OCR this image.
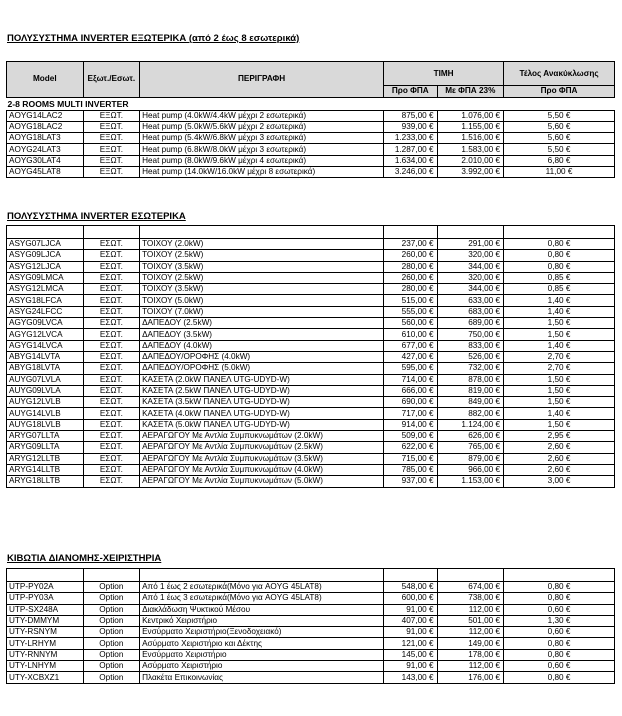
ΠΟΛΥΣΥΣΤΗΜΑ INVERTER ΕΞΩΤΕΡΙΚΑ (από 2 έως 8 εσωτερικά)
Model	Εξωτ./Εσωτ.	ΠΕΡΙΓΡΑΦΗ	ΤΙΜΗ		Τέλος Ανακύκλωσης
			Προ ΦΠΑ	Με ΦΠΑ 23%	Προ ΦΠΑ
2-8 ROOMS MULTI INVERTER					
AOYG14LAC2	ΕΞΩΤ.	Heat pump (4.0kW/4.4kW μέχρι 2 εσωτερικά)	875,00 €	1.076,00 €	5,50 €
AOYG18LAC2	ΕΞΩΤ.	Heat pump (5.0kW/5.6kW μέχρι 2 εσωτερικά)	939,00 €	1.155,00 €	5,60 €
AOYG18LAT3	ΕΞΩΤ.	Heat pump (5.4kW/6.8kW μέχρι 3 εσωτερικά)	1.233,00 €	1.516,00 €	5,60 €
AOYG24LAT3	ΕΞΩΤ.	Heat pump (6.8kW/8.0kW μέχρι 3 εσωτερικά)	1.287,00 €	1.583,00 €	5,50 €
AOYG30LAT4	ΕΞΩΤ.	Heat pump (8.0kW/9.6kW μέχρι 4 εσωτερικά)	1.634,00 €	2.010,00 €	6,80 €
AOYG45LAT8	ΕΞΩΤ.	Heat pump (14.0kW/16.0kW μέχρι 8 εσωτερικά)	3.246,00 €	3.992,00 €	11,00 €
ΠΟΛΥΣΥΣΤΗΜΑ INVERTER ΕΣΩΤΕΡΙΚΑ

ASYG07LJCA	ΕΣΩΤ.	ΤΟΙΧΟΥ (2.0kW)	237,00 €	291,00 €	0,80 €
ASYG09LJCA	ΕΣΩΤ.	ΤΟΙΧΟΥ (2.5kW)	260,00 €	320,00 €	0,80 €
ASYG12LJCA	ΕΣΩΤ.	ΤΟΙΧΟΥ (3.5kW)	280,00 €	344,00 €	0,80 €
ASYG09LMCA	ΕΣΩΤ.	ΤΟΙΧΟΥ (2.5kW)	260,00 €	320,00 €	0,85 €
ASYG12LMCA	ΕΣΩΤ.	ΤΟΙΧΟΥ (3.5kW)	280,00 €	344,00 €	0,85 €
ASYG18LFCA	ΕΣΩΤ.	ΤΟΙΧΟΥ (5.0kW)	515,00 €	633,00 €	1,40 €
ASYG24LFCC	ΕΣΩΤ.	ΤΟΙΧΟΥ (7.0kW)	555,00 €	683,00 €	1,40 €
AGYG09LVCA	ΕΣΩΤ.	ΔΑΠΕΔΟΥ (2.5kW)	560,00 €	689,00 €	1,50 €
AGYG12LVCA	ΕΣΩΤ.	ΔΑΠΕΔΟΥ (3.5kW)	610,00 €	750,00 €	1,50 €
AGYG14LVCA	ΕΣΩΤ.	ΔΑΠΕΔΟΥ (4.0kW)	677,00 €	833,00 €	1,40 €
ABYG14LVTA	ΕΣΩΤ.	ΔΑΠΕΔΟΥ/ΟΡΟΦΗΣ (4.0kW)	427,00 €	526,00 €	2,70 €
ABYG18LVTA	ΕΣΩΤ.	ΔΑΠΕΔΟΥ/ΟΡΟΦΗΣ (5.0kW)	595,00 €	732,00 €	2,70 €
AUYG07LVLA	ΕΣΩΤ.	ΚΑΣΕΤΑ (2.0kW ΠΑΝΕΛ UTG-UDYD-W)	714,00 €	878,00 €	1,50 €
AUYG09LVLA	ΕΣΩΤ.	ΚΑΣΕΤΑ (2.5kW ΠΑΝΕΛ UTG-UDYD-W)	666,00 €	819,00 €	1,50 €
AUYG12LVLB	ΕΣΩΤ.	ΚΑΣΕΤΑ (3.5kW ΠΑΝΕΛ UTG-UDYD-W)	690,00 €	849,00 €	1,50 €
AUYG14LVLB	ΕΣΩΤ.	ΚΑΣΕΤΑ (4.0kW ΠΑΝΕΛ UTG-UDYD-W)	717,00 €	882,00 €	1,40 €
AUYG18LVLB	ΕΣΩΤ.	ΚΑΣΕΤΑ (5.0kW ΠΑΝΕΛ UTG-UDYD-W)	914,00 €	1.124,00 €	1,50 €
ARYG07LLTA	ΕΣΩΤ.	ΑΕΡΑΓΩΓΟΥ Με Αντλία Συμπυκνωμάτων (2.0kW)	509,00 €	626,00 €	2,95 €
ARYG09LLTA	ΕΣΩΤ.	ΑΕΡΑΓΩΓΟΥ Με Αντλία Συμπυκνωμάτων (2.5kW)	622,00 €	765,00 €	2,60 €
ARYG12LLTB	ΕΣΩΤ.	ΑΕΡΑΓΩΓΟΥ Με Αντλία Συμπυκνωμάτων (3.5kW)	715,00 €	879,00 €	2,60 €
ARYG14LLTB	ΕΣΩΤ.	ΑΕΡΑΓΩΓΟΥ Με Αντλία Συμπυκνωμάτων (4.0kW)	785,00 €	966,00 €	2,60 €
ARYG18LLTB	ΕΣΩΤ.	ΑΕΡΑΓΩΓΟΥ Με Αντλία Συμπυκνωμάτων (5.0kW)	937,00 €	1.153,00 €	3,00 €
ΚΙΒΩΤΙΑ ΔΙΑΝΟΜΗΣ-ΧΕΙΡΙΣΤΗΡΙΑ

UTP-PY02A	Option	Από 1 έως 2 εσωτερικά(Μόνο για AOYG 45LAT8)	548,00 €	674,00 €	0,80 €
UTP-PY03A	Option	Από 1 έως 3 εσωτερικά(Μόνο για AOYG 45LAT8)	600,00 €	738,00 €	0,80 €
UTP-SX248A	Option	Διακλάδωση Ψυκτικού Μέσου	91,00 €	112,00 €	0,60 €
UTY-DMMYM	Option	Κεντρικό Χειριστήριο	407,00 €	501,00 €	1,30 €
UTY-RSNYM	Option	Ενσύρματο Χειριστήριο(Ξενοδοχειακό)	91,00 €	112,00 €	0,60 €
UTY-LRHYM	Option	Ασύρματο Χειριστήριο και Δέκτης	121,00 €	149,00 €	0,80 €
UTY-RNNYM	Option	Ενσύρματο Χειριστήριο	145,00 €	178,00 €	0,80 €
UTY-LNHYM	Option	Ασύρματο Χειριστήριο	91,00 €	112,00 €	0,60 €
UTY-XCBXZ1	Option	Πλακέτα Επικοινωνίας	143,00 €	176,00 €	0,80 €
